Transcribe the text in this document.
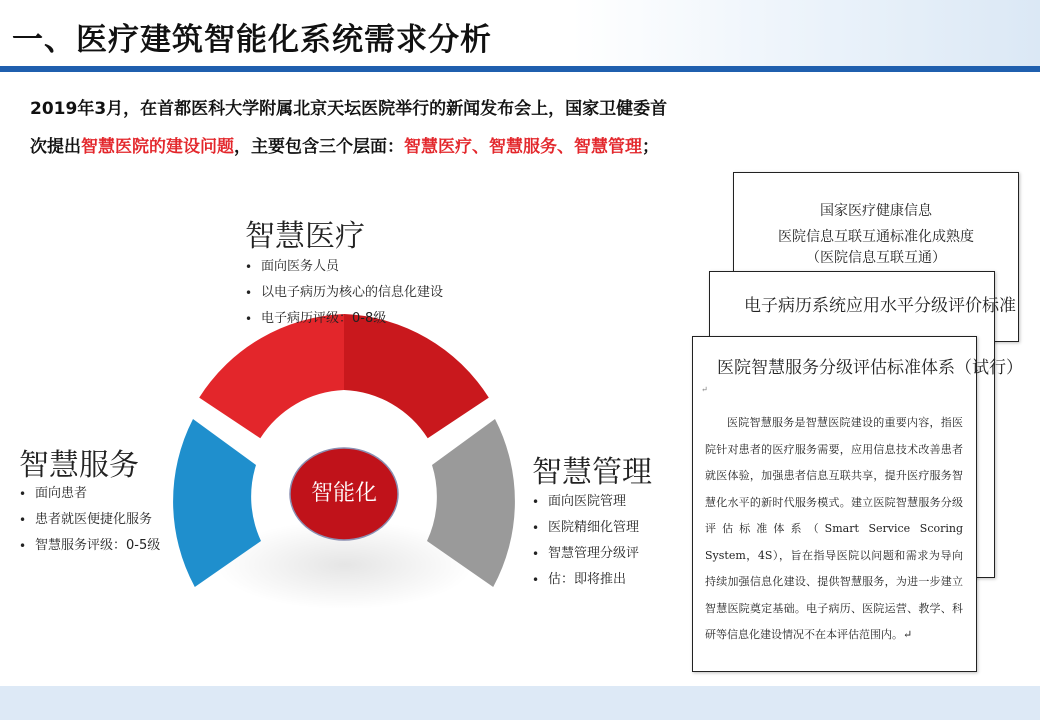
一、医疗建筑智能化系统需求分析
2019年3月，在首都医科大学附属北京天坛医院举行的新闻发布会上，国家卫健委首
次提出智慧医院的建设问题，主要包含三个层面：智慧医疗、智慧服务、智慧管理；
智能化
智慧医疗
• 面向医务人员
• 以电子病历为核心的信息化建设
• 电子病历评级：0-8级
智慧服务
• 面向患者
• 患者就医便捷化服务
• 智慧服务评级：0-5级
智慧管理
• 面向医院管理
• 医院精细化管理
• 智慧管理分级评
• 估：即将推出
国家医疗健康信息
医院信息互联互通标准化成熟度
（医院信息互联互通）
电子病历系统应用水平分级评价标准
医院智慧服务分级评估标准体系（试行）
↵
医院智慧服务是智慧医院建设的重要内容，指医院针对患者的医疗服务需要，应用信息技术改善患者就医体验，加强患者信息互联共享，提升医疗服务智慧化水平的新时代服务模式。建立医院智慧服务分级评估标准体系（Smart Service Scoring System，4S），旨在指导医院以问题和需求为导向持续加强信息化建设、提供智慧服务，为进一步建立智慧医院奠定基础。电子病历、医院运营、教学、科研等信息化建设情况不在本评估范围内。↵
